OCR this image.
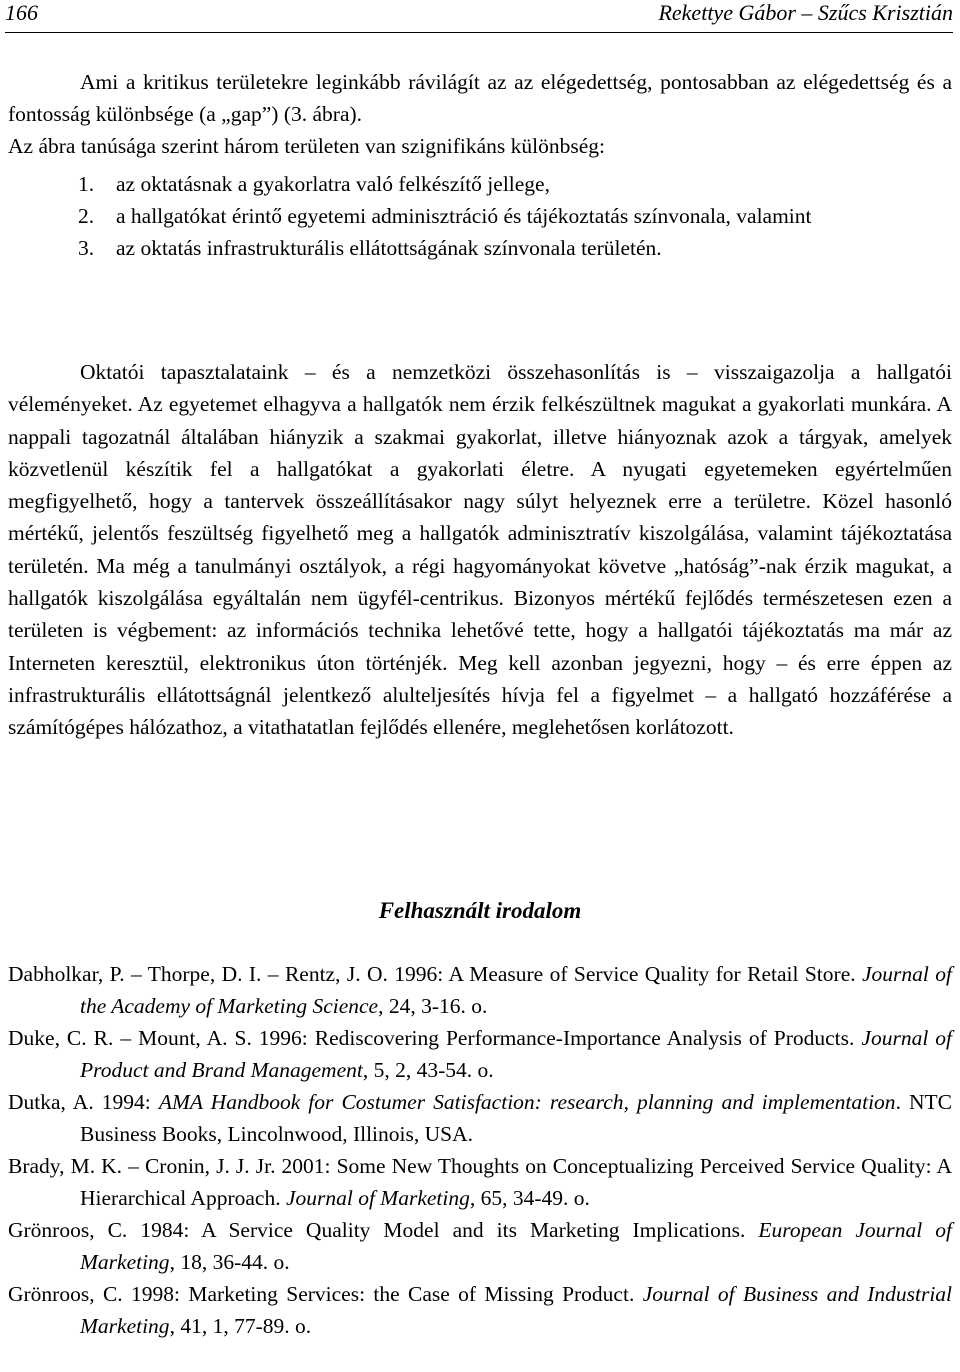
166	Rekettye Gábor – Szűcs Krisztián

Ami a kritikus területekre leginkább rávilágít az az elégedettség, pontosabban az elégedettség és a fontosság különbsége (a „gap”) (3. ábra).
Az ábra tanúsága szerint három területen van szignifikáns különbség:

1. az oktatásnak a gyakorlatra való felkészítő jellege,
2. a hallgatókat érintő egyetemi adminisztráció és tájékoztatás színvonala, valamint
3. az oktatás infrastrukturális ellátottságának színvonala területén.

Oktatói tapasztalataink – és a nemzetközi összehasonlítás is – visszaigazolja a hallgatói véleményeket. Az egyetemet elhagyva a hallgatók nem érzik felkészültnek magukat a gyakorlati munkára. A nappali tagozatnál általában hiányzik a szakmai gyakorlat, illetve hiányoznak azok a tárgyak, amelyek közvetlenül készítik fel a hallgatókat a gyakorlati életre. A nyugati egyetemeken egyértelműen megfigyelhető, hogy a tantervek összeállításakor nagy súlyt helyeznek erre a területre. Közel hasonló mértékű, jelentős feszültség figyelhető meg a hallgatók adminisztratív kiszolgálása, valamint tájékoztatása területén. Ma még a tanulmányi osztályok, a régi hagyományokat követve „hatóság”-nak érzik magukat, a hallgatók kiszolgálása egyáltalán nem ügyfél-centrikus. Bizonyos mértékű fejlődés természetesen ezen a területen is végbement: az információs technika lehetővé tette, hogy a hallgatói tájékoztatás ma már az Interneten keresztül, elektronikus úton történjék. Meg kell azonban jegyezni, hogy – és erre éppen az infrastrukturális ellátottságnál jelentkező alulteljesítés hívja fel a figyelmet – a hallgató hozzáférése a számítógépes hálózathoz, a vitathatatlan fejlődés ellenére, meglehetősen korlátozott.

Felhasznált irodalom
Dabholkar, P. – Thorpe, D. I. – Rentz, J. O. 1996: A Measure of Service Quality for Retail Store. Journal of the Academy of Marketing Science, 24, 3-16. o.
Duke, C. R. – Mount, A. S. 1996: Rediscovering Performance-Importance Analysis of Products. Journal of Product and Brand Management, 5, 2, 43-54. o.
Dutka, A. 1994: AMA Handbook for Costumer Satisfaction: research, planning and implementation. NTC Business Books, Lincolnwood, Illinois, USA.
Brady, M. K. – Cronin, J. J. Jr. 2001: Some New Thoughts on Conceptualizing Perceived Service Quality: A Hierarchical Approach. Journal of Marketing, 65, 34-49. o.
Grönroos, C. 1984: A Service Quality Model and its Marketing Implications. European Journal of Marketing, 18, 36-44. o.
Grönroos, C. 1998: Marketing Services: the Case of Missing Product. Journal of Business and Industrial Marketing, 41, 1, 77-89. o.
